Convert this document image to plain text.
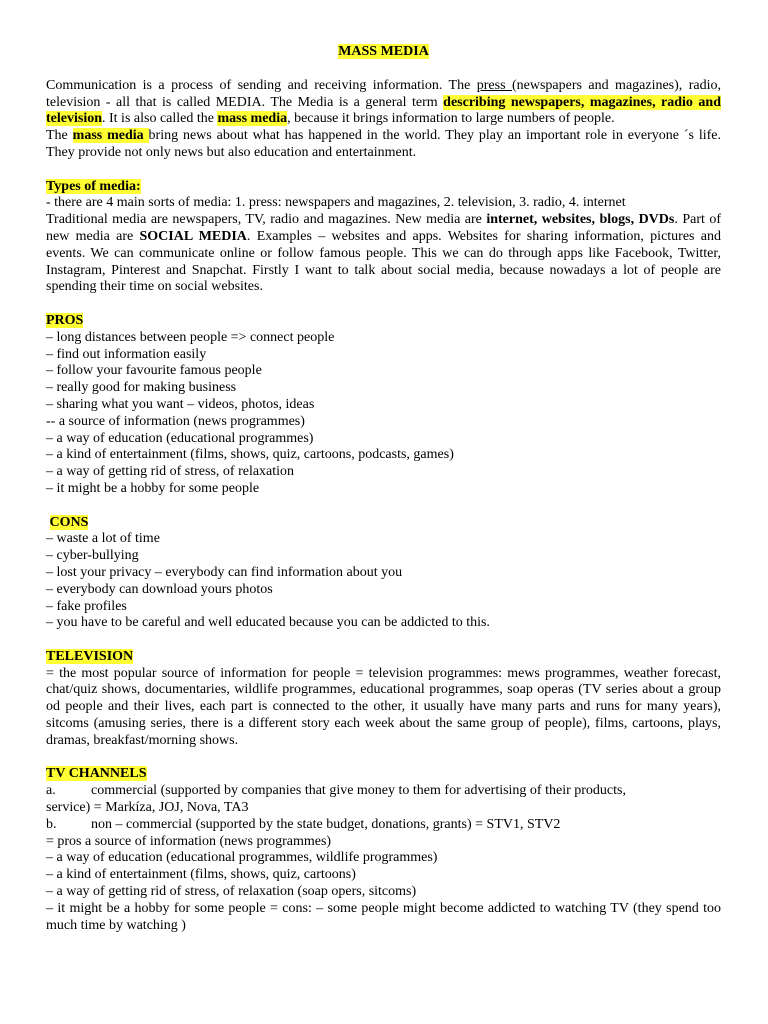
MASS MEDIA

Communication is a process of sending and receiving information. The press (newspapers and magazines), radio, television - all that is called MEDIA. The Media is a general term describing newspapers, magazines, radio and television. It is also called the mass media, because it brings information to large numbers of people.

The mass media bring news about what has happened in the world. They play an important role in everyone ´s life. They provide not only news but also education and entertainment.

Types of media:

- there are 4 main sorts of media: 1. press: newspapers and magazines, 2. television, 3. radio, 4. internet

Traditional media are newspapers, TV, radio and magazines. New media are internet, websites, blogs, DVDs. Part of new media are SOCIAL MEDIA. Examples – websites and apps. Websites for sharing information, pictures and events. We can communicate online or follow famous people. This we can do through apps like Facebook, Twitter, Instagram, Pinterest and Snapchat. Firstly I want to talk about social media, because nowadays a lot of people are spending their time on social websites.

PROS

– long distances between people => connect people

– find out information easily

– follow your favourite famous people

– really good for making business

– sharing what you want – videos, photos, ideas

-- a source of information (news programmes)

– a way of education (educational programmes)

– a kind of entertainment (films, shows, quiz, cartoons, podcasts, games)

– a way of getting rid of stress, of relaxation

– it might be a hobby for some people

CONS

– waste a lot of time

– cyber-bullying

– lost your privacy – everybody can find information about you

– everybody can download yours photos

– fake profiles

– you have to be careful and well educated because you can be addicted to this.

TELEVISION

= the most popular source of information for people = television programmes: mews programmes, weather forecast, chat/quiz shows, documentaries, wildlife programmes, educational programmes, soap operas (TV series about a group od people and their lives, each part is connected to the other, it usually have many parts and runs for many years), sitcoms (amusing series, there is a different story each week about the same group of people), films, cartoons, plays, dramas, breakfast/morning shows.

TV CHANNELS

a.	commercial (supported by companies that give money to them for advertising of their products,

service) = Markíza, JOJ, Nova, TA3

b.	non – commercial (supported by the state budget, donations, grants) = STV1, STV2

= pros a source of information (news programmes)

– a way of education (educational programmes, wildlife programmes)

– a kind of entertainment (films, shows, quiz, cartoons)

– a way of getting rid of stress, of relaxation (soap opers, sitcoms)

– it might be a hobby for some people = cons: – some people might become addicted to watching TV (they spend too much time by watching )
